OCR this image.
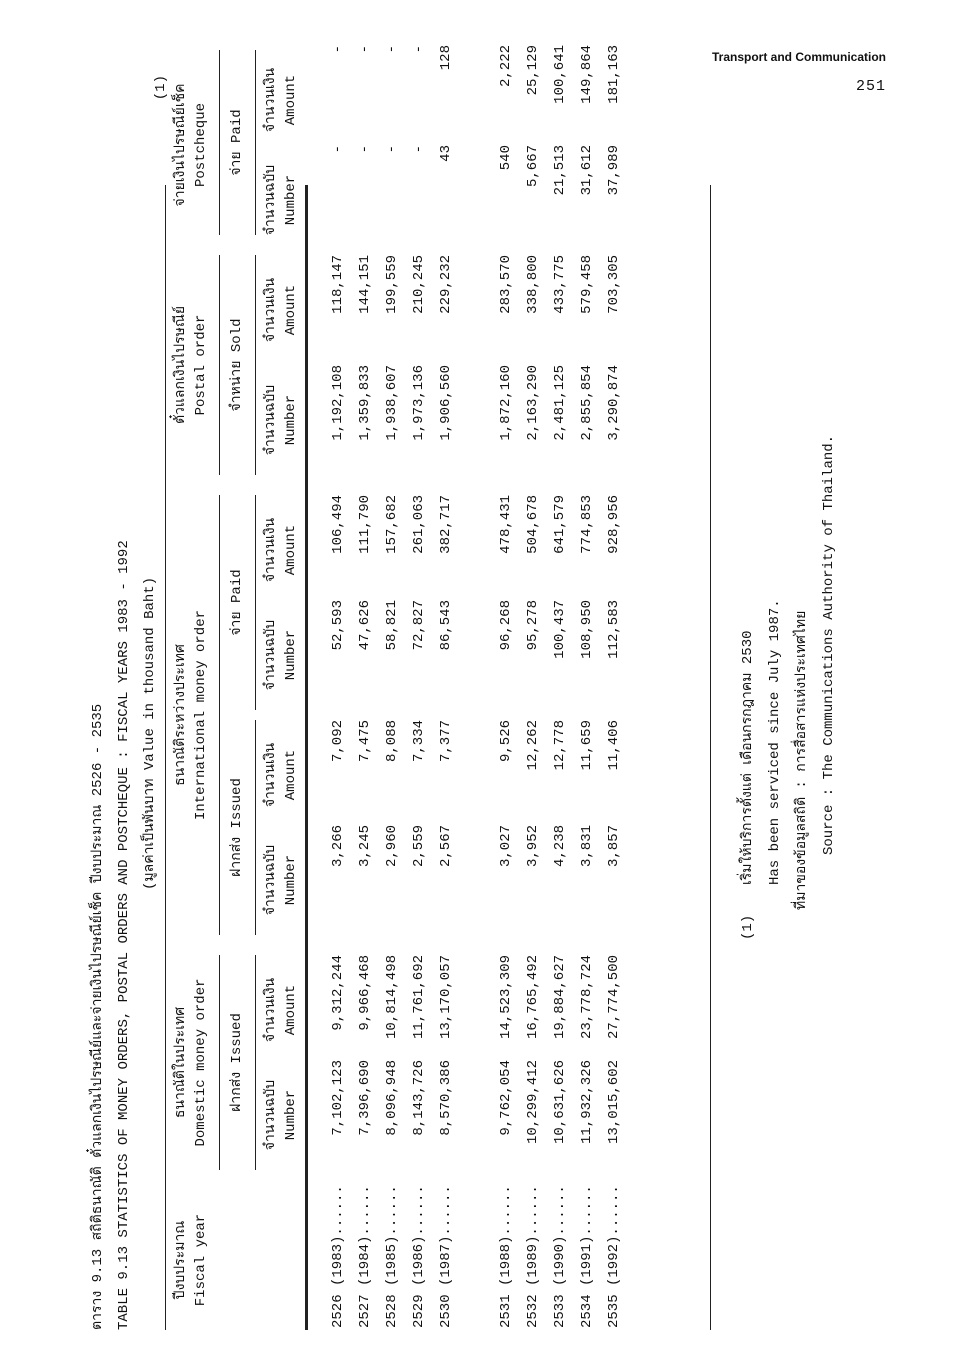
Transport and Communication
251
ตาราง 9.13 สถิติธนาณัติ ตั๋วแลกเงินไปรษณีย์และจ่ายเงินไปรษณีย์เช็ค ปีงบประมาณ 2526 - 2535 TABLE 9.13 STATISTICS OF MONEY ORDERS, POSTAL ORDERS AND POSTCHEQUE : FISCAL YEARS 1983 - 1992 (มูลค่าเป็นพันบาท Value in thousand Baht)
ปีงบประมาณ Fiscal year
ธนาณัติในประเทศ Domestic money order
ธนาณัติระหว่างประเทศ International money order
ตั๋วแลกเงินไปรษณีย์ Postal order
(1) จ่ายเงินไปรษณีย์เช็ค Postcheque
ฝากส่ง Issued
ฝากส่ง Issued
จ่าย Paid
จำหน่าย Sold
จ่าย Paid
จำนวนฉบับ Number
จำนวนเงิน Amount
จำนวนฉบับ Number
จำนวนเงิน Amount
จำนวนฉบับ Number
จำนวนเงิน Amount
จำนวนฉบับ Number
จำนวนเงิน Amount
จำนวนฉบับ Number
จำนวนเงิน Amount
2526 (1983)......
7,102,123
9,312,244
3,266
7,092
52,593
106,494
1,192,108
118,147
-
-
2527 (1984)......
7,396,690
9,966,468
3,245
7,475
47,626
111,790
1,359,833
144,151
-
-
2528 (1985)......
8,096,948
10,814,498
2,960
8,088
58,821
157,682
1,938,607
199,559
-
-
2529 (1986)......
8,143,726
11,761,692
2,559
7,334
72,827
261,063
1,973,136
210,245
-
-
2530 (1987)......
8,570,386
13,170,057
2,567
7,377
86,543
382,717
1,906,560
229,232
43
128
2531 (1988)......
9,762,054
14,523,309
3,027
9,526
96,268
478,431
1,872,160
283,570
540
2,222
2532 (1989)......
10,299,412
16,765,492
3,952
12,262
95,278
504,678
2,163,290
338,800
5,667
25,129
2533 (1990)......
10,631,626
19,884,627
4,238
12,778
100,437
641,579
2,481,125
433,775
21,513
100,641
2534 (1991)......
11,932,326
23,778,724
3,831
11,659
108,950
774,853
2,855,854
579,458
31,612
149,864
2535 (1992)......
13,015,602
27,774,500
3,857
11,406
112,583
928,956
3,290,874
703,305
37,989
181,163
(1)เริ่มให้บริการตั้งแต่ เดือนกรกฎาคม 2530 Has been serviced since July 1987. ที่มาของข้อมูลสถิติ : การสื่อสารแห่งประเทศไทย Source : The Communications Authority of Thailand.
